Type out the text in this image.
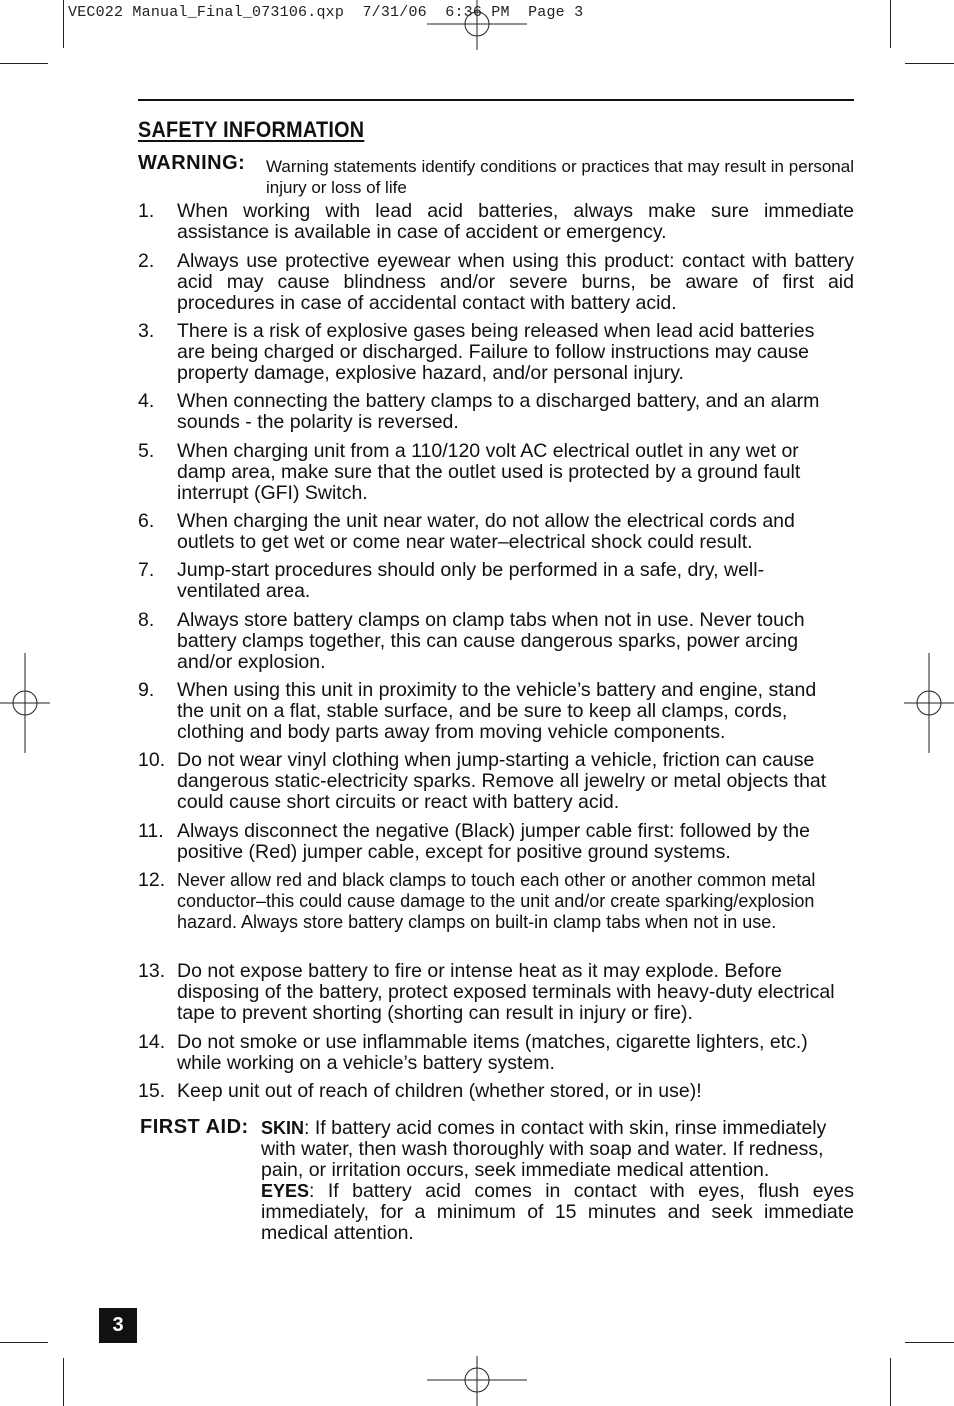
VEC022 Manual_Final_073106.qxp  7/31/06  6:36 PM  Page 3
SAFETY INFORMATION
WARNING: Warning statements identify conditions or practices that may result in personal injury or loss of life
1. When working with lead acid batteries, always make sure immediate assistance is available in case of accident or emergency.
2. Always use protective eyewear when using this product: contact with battery acid may cause blindness and/or severe burns, be aware of first aid procedures in case of accidental contact with battery acid.
3. There is a risk of explosive gases being released when lead acid batteries are being charged or discharged. Failure to follow instructions may cause property damage, explosive hazard, and/or personal injury.
4. When connecting the battery clamps to a discharged battery, and an alarm sounds - the polarity is reversed.
5. When charging unit from a 110/120 volt AC electrical outlet in any wet or damp area, make sure that the outlet used is protected by a ground fault interrupt (GFI) Switch.
6. When charging the unit near water, do not allow the electrical cords and outlets to get wet or come near water–electrical shock could result.
7. Jump-start procedures should only be performed in a safe, dry, well-ventilated area.
8. Always store battery clamps on clamp tabs when not in use. Never touch battery clamps together, this can cause dangerous sparks, power arcing and/or explosion.
9. When using this unit in proximity to the vehicle’s battery and engine, stand the unit on a flat, stable surface, and be sure to keep all clamps, cords, clothing and body parts away from moving vehicle components.
10. Do not wear vinyl clothing when jump-starting a vehicle, friction can cause dangerous static-electricity sparks. Remove all jewelry or metal objects that could cause short circuits or react with battery acid.
11. Always disconnect the negative (Black) jumper cable first: followed by the positive (Red) jumper cable, except for positive ground systems.
12. Never allow red and black clamps to touch each other or another common metal conductor–this could cause damage to the unit and/or create sparking/explosion hazard. Always store battery clamps on built-in clamp tabs when not in use.
13. Do not expose battery to fire or intense heat as it may explode. Before disposing of the battery, protect exposed terminals with heavy-duty electrical tape to prevent shorting (shorting can result in injury or fire).
14. Do not smoke or use inflammable items (matches, cigarette lighters, etc.) while working on a vehicle’s battery system.
15. Keep unit out of reach of children (whether stored, or in use)!
FIRST AID: SKIN: If battery acid comes in contact with skin, rinse immediately with water, then wash thoroughly with soap and water. If redness, pain, or irritation occurs, seek immediate medical attention.
EYES: If battery acid comes in contact with eyes, flush eyes immediately, for a minimum of 15 minutes and seek immediate medical attention.
3
